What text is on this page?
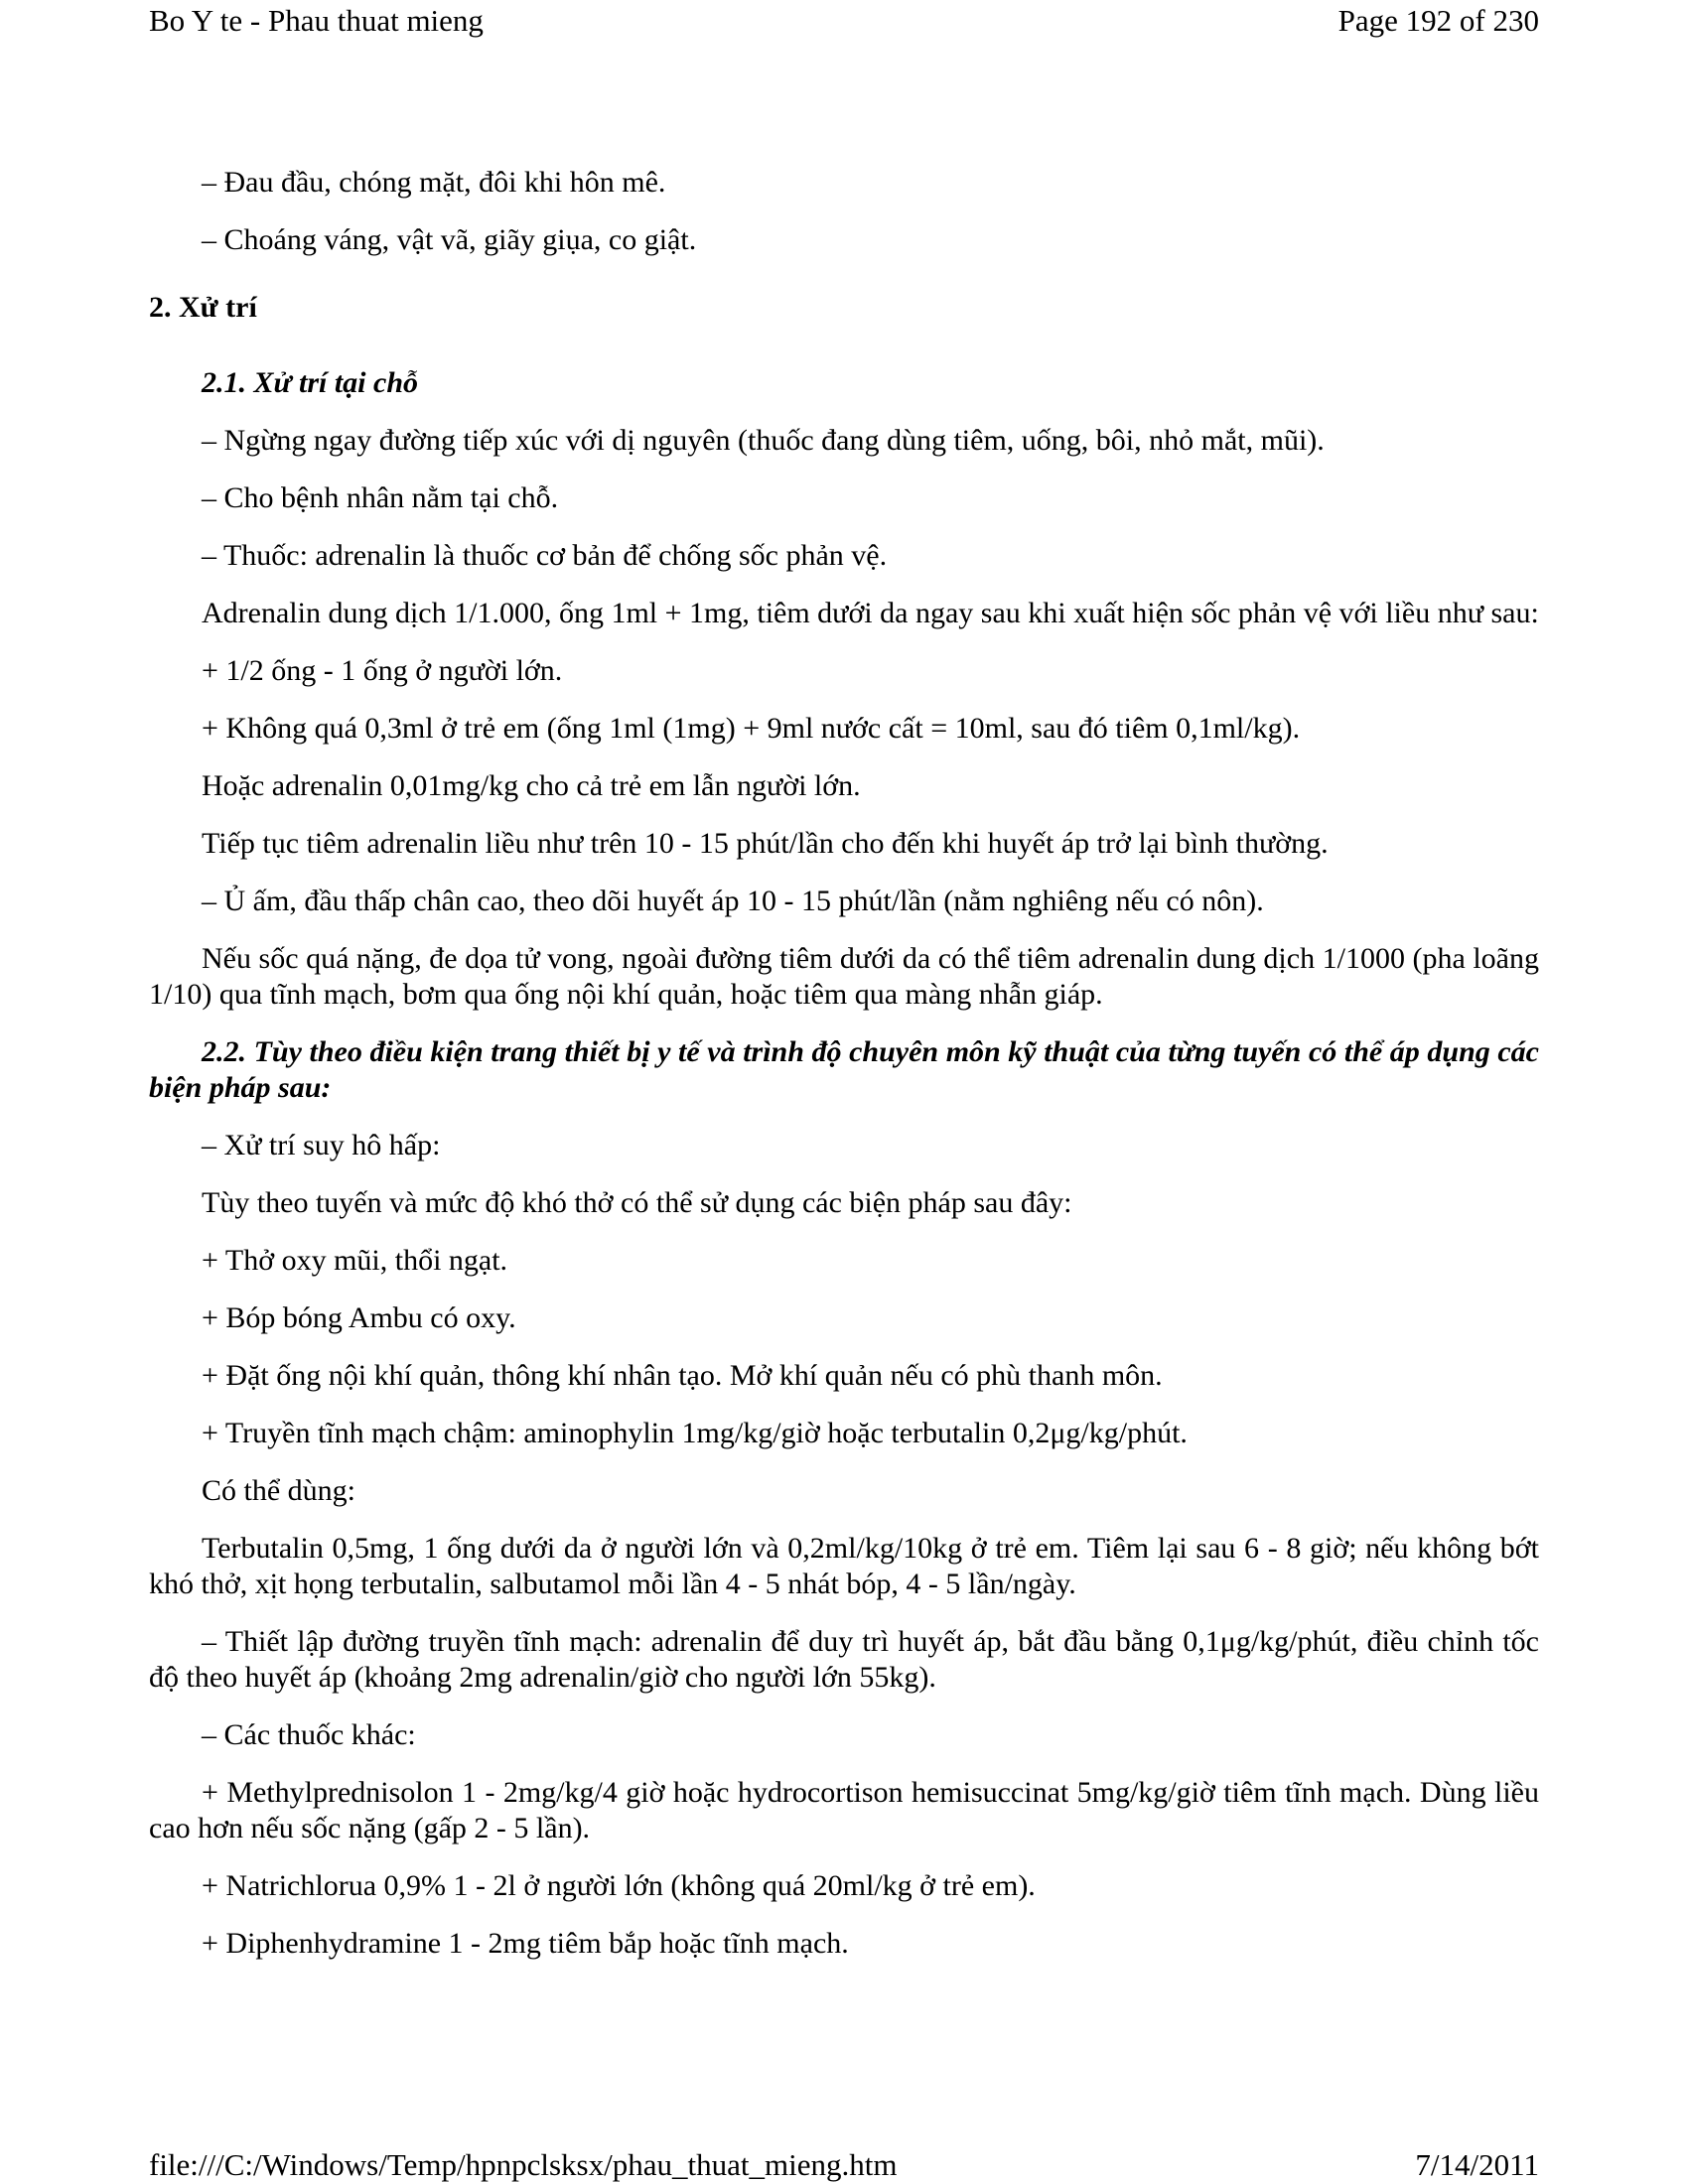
Bo Y te - Phau thuat mieng	Page 192 of 230

– Đau đầu, chóng mặt, đôi khi hôn mê.

– Choáng váng, vật vã, giãy giụa, co giật.

2. Xử trí

2.1. Xử trí tại chỗ

– Ngừng ngay đường tiếp xúc với dị nguyên (thuốc đang dùng tiêm, uống, bôi, nhỏ mắt, mũi).

– Cho bệnh nhân nằm tại chỗ.

– Thuốc: adrenalin là thuốc cơ bản để chống sốc phản vệ.

Adrenalin dung dịch 1/1.000, ống 1ml + 1mg, tiêm dưới da ngay sau khi xuất hiện sốc phản vệ với liều như sau:

+ 1/2 ống - 1 ống ở người lớn.

+ Không quá 0,3ml ở trẻ em (ống 1ml (1mg) + 9ml nước cất = 10ml, sau đó tiêm 0,1ml/kg).

Hoặc adrenalin 0,01mg/kg cho cả trẻ em lẫn người lớn.

Tiếp tục tiêm adrenalin liều như trên 10 - 15 phút/lần cho đến khi huyết áp trở lại bình thường.

– Ủ ấm, đầu thấp chân cao, theo dõi huyết áp 10 - 15 phút/lần (nằm nghiêng nếu có nôn).

Nếu sốc quá nặng, đe dọa tử vong, ngoài đường tiêm dưới da có thể tiêm adrenalin dung dịch 1/1000 (pha loãng 1/10) qua tĩnh mạch, bơm qua ống nội khí quản, hoặc tiêm qua màng nhẫn giáp.

2.2. Tùy theo điều kiện trang thiết bị y tế và trình độ chuyên môn kỹ thuật của từng tuyến có thể áp dụng các biện pháp sau:

– Xử trí suy hô hấp:

Tùy theo tuyến và mức độ khó thở có thể sử dụng các biện pháp sau đây:

+ Thở oxy mũi, thổi ngạt.

+ Bóp bóng Ambu có oxy.

+ Đặt ống nội khí quản, thông khí nhân tạo. Mở khí quản nếu có phù thanh môn.

+ Truyền tĩnh mạch chậm: aminophylin 1mg/kg/giờ hoặc terbutalin 0,2μg/kg/phút.

Có thể dùng:

Terbutalin 0,5mg, 1 ống dưới da ở người lớn và 0,2ml/kg/10kg ở trẻ em. Tiêm lại sau 6 - 8 giờ; nếu không bớt khó thở, xịt họng terbutalin, salbutamol mỗi lần 4 - 5 nhát bóp, 4 - 5 lần/ngày.

– Thiết lập đường truyền tĩnh mạch: adrenalin để duy trì huyết áp, bắt đầu bằng 0,1μg/kg/phút, điều chỉnh tốc độ theo huyết áp (khoảng 2mg adrenalin/giờ cho người lớn 55kg).

– Các thuốc khác:

+ Methylprednisolon 1 - 2mg/kg/4 giờ hoặc hydrocortison hemisuccinat 5mg/kg/giờ tiêm tĩnh mạch. Dùng liều cao hơn nếu sốc nặng (gấp 2 - 5 lần).

+ Natrichlorua 0,9% 1 - 2l ở người lớn (không quá 20ml/kg ở trẻ em).

+ Diphenhydramine 1 - 2mg tiêm bắp hoặc tĩnh mạch.

file:///C:/Windows/Temp/hpnpclsksx/phau_thuat_mieng.htm	7/14/2011
